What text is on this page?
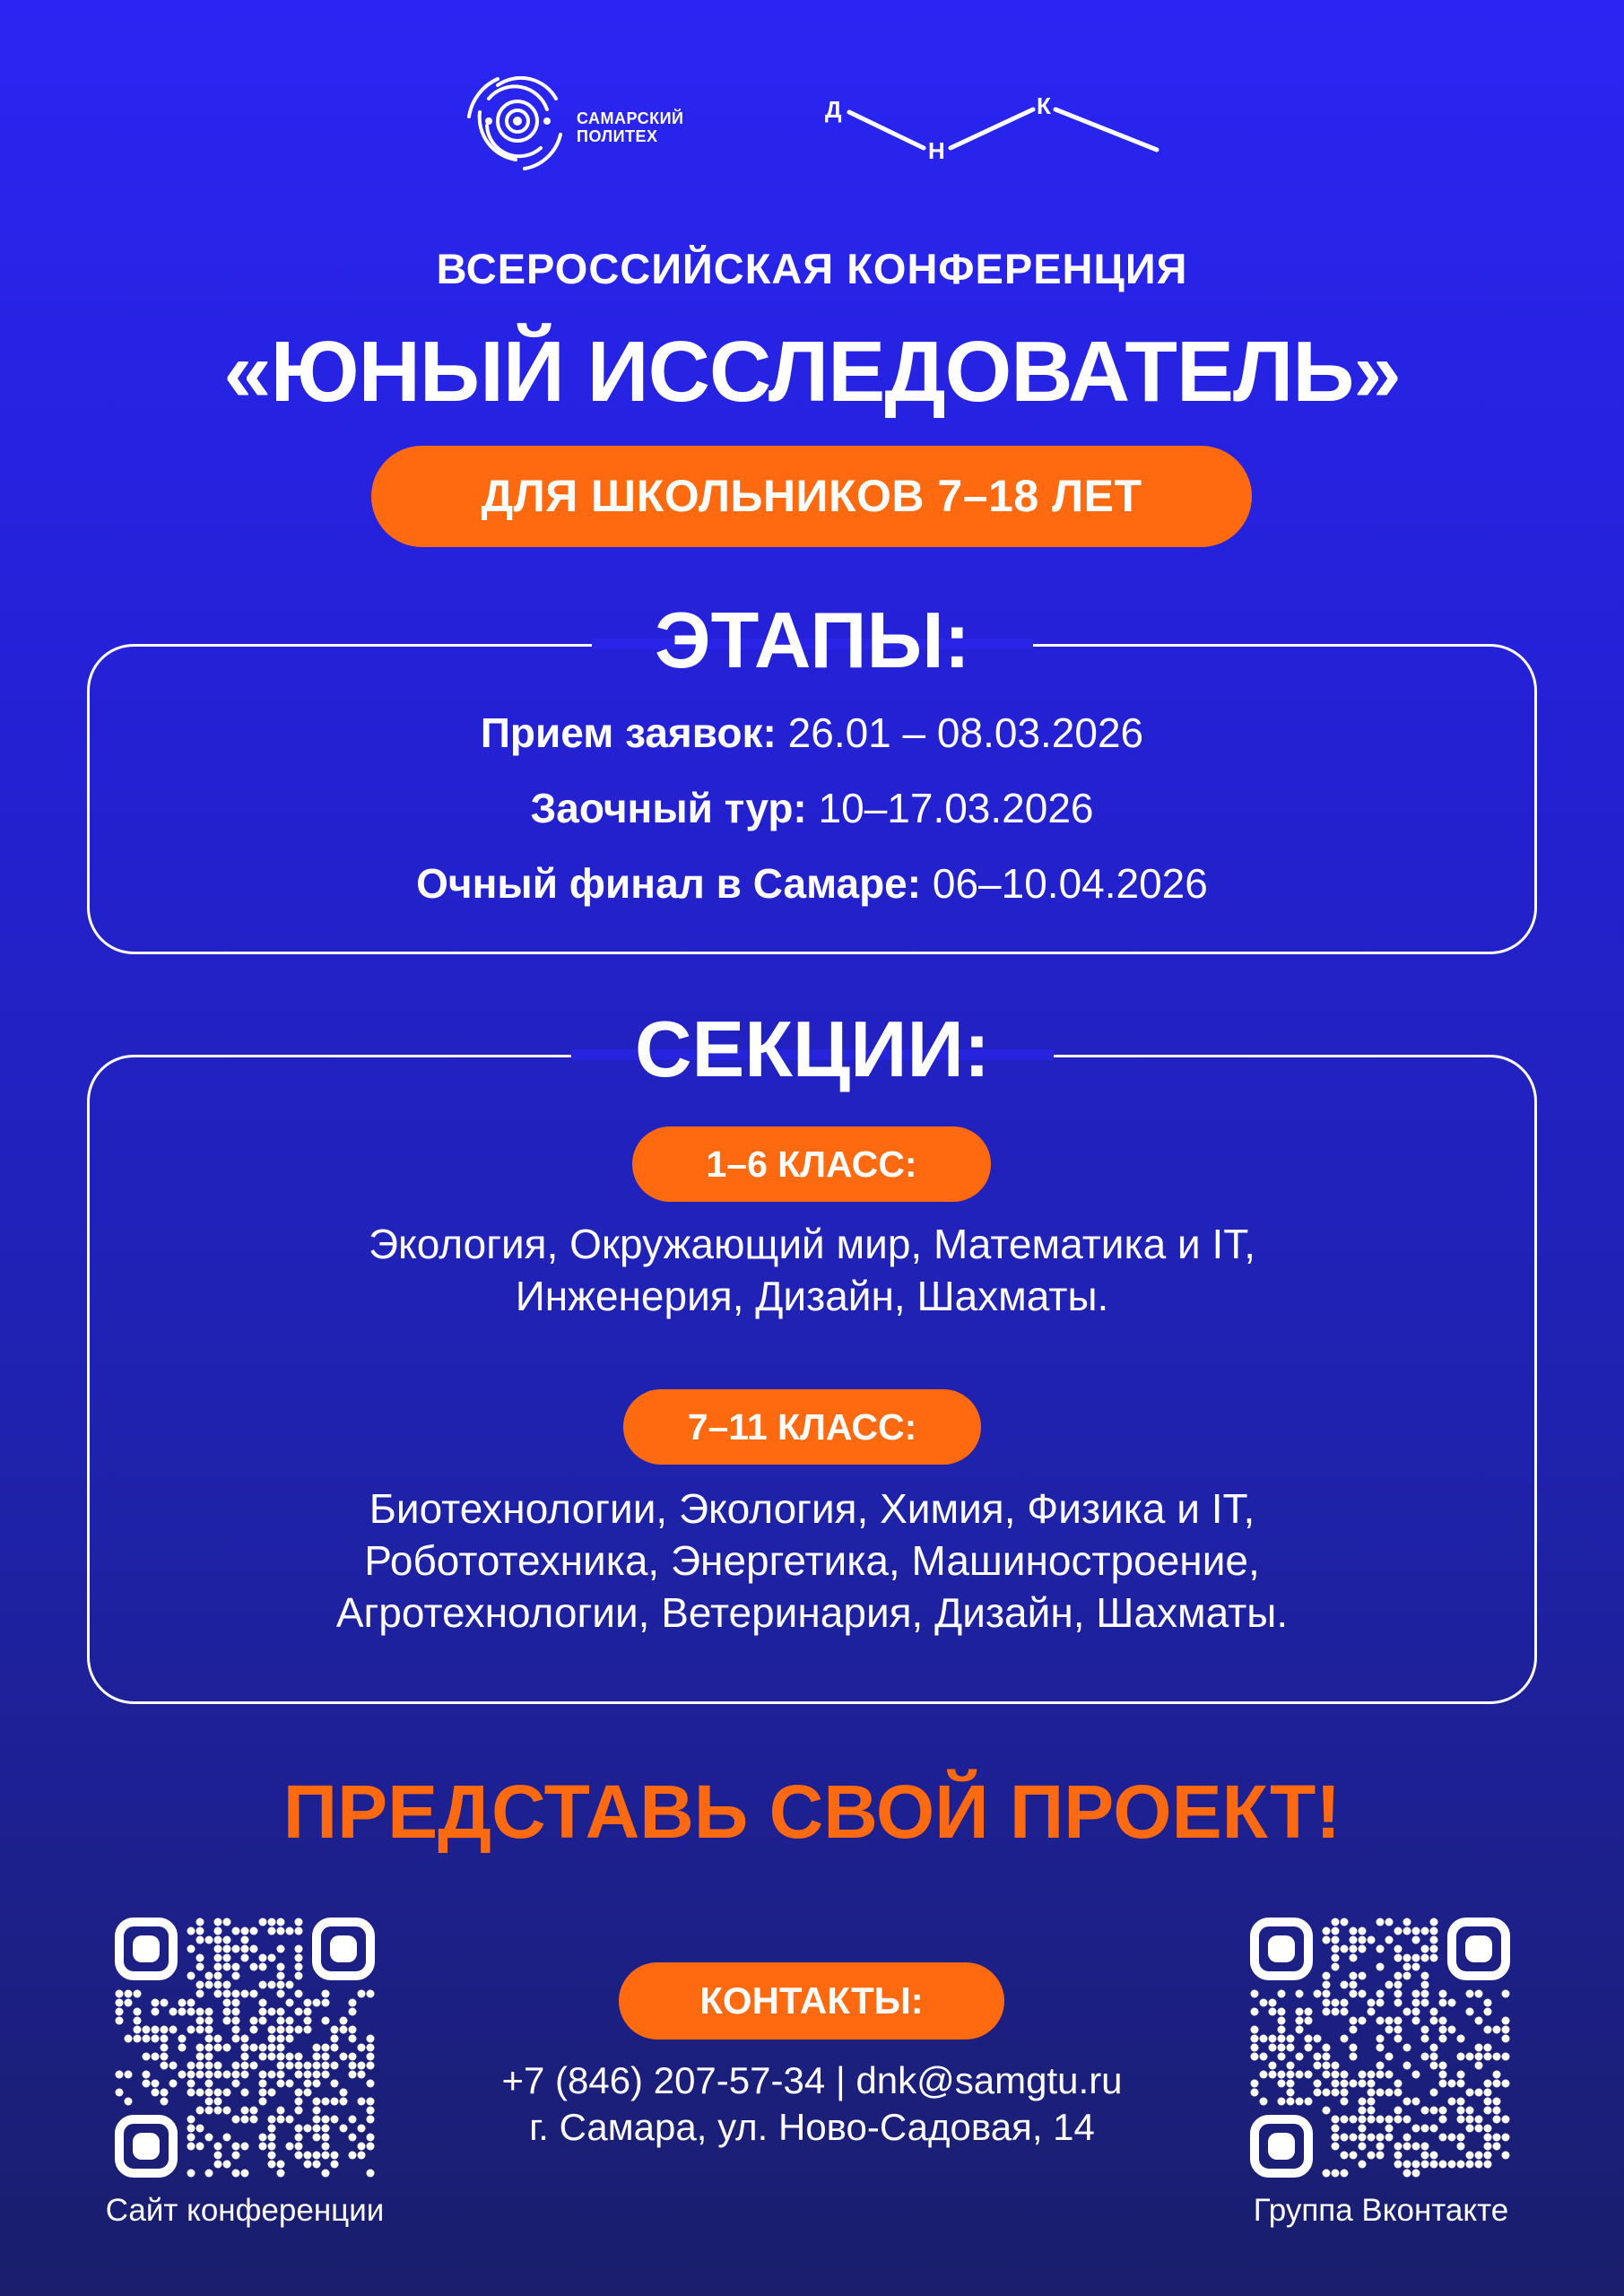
САМАРСКИЙ
ПОЛИТЕХ
Д
Н
К
ВСЕРОССИЙСКАЯ КОНФЕРЕНЦИЯ
«ЮНЫЙ ИССЛЕДОВАТЕЛЬ»
ДЛЯ ШКОЛЬНИКОВ 7–18 ЛЕТ
ЭТАПЫ:
Прием заявок: 26.01 – 08.03.2026
Заочный тур: 10–17.03.2026
Очный финал в Самаре: 06–10.04.2026
СЕКЦИИ:
1–6 КЛАСС:
Экология, Окружающий мир, Математика и IT,
Инженерия, Дизайн, Шахматы.
7–11 КЛАСС:
Биотехнологии, Экология, Химия, Физика и IT,
Робототехника, Энергетика, Машиностроение,
Агротехнологии, Ветеринария, Дизайн, Шахматы.
ПРЕДСТАВЬ СВОЙ ПРОЕКТ!
Сайт конференции	Группа Вконтакте
КОНТАКТЫ:
+7 (846) 207-57-34 | dnk@samgtu.ru
г. Самара, ул. Ново-Садовая, 14
